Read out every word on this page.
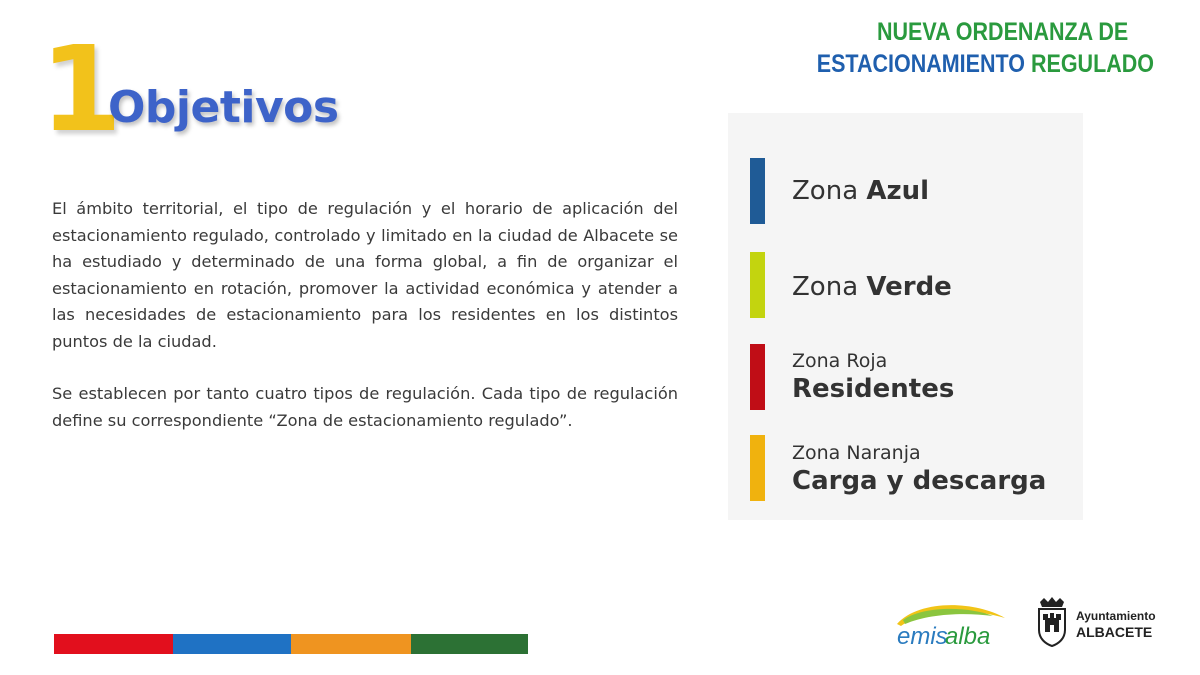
1
Objetivos
NUEVA ORDENANZA DE
ESTACIONAMIENTO REGULADO

El ámbito territorial, el tipo de regulación y el horario de aplicación del estacionamiento regulado, controlado y limitado en la ciudad de Albacete se ha estudiado y determinado de una forma global, a fin de organizar el estacionamiento en rotación, promover la actividad económica y atender a las necesidades de estacionamiento para los residentes en los distintos puntos de la ciudad.

Se establecen por tanto cuatro tipos de regulación. Cada tipo de regulación define su correspondiente “Zona de estacionamiento regulado”.

Zona Azul
Zona Verde
Zona Roja
Residentes
Zona Naranja
Carga y descarga
emis
alba
Ayuntamiento
ALBACETE
